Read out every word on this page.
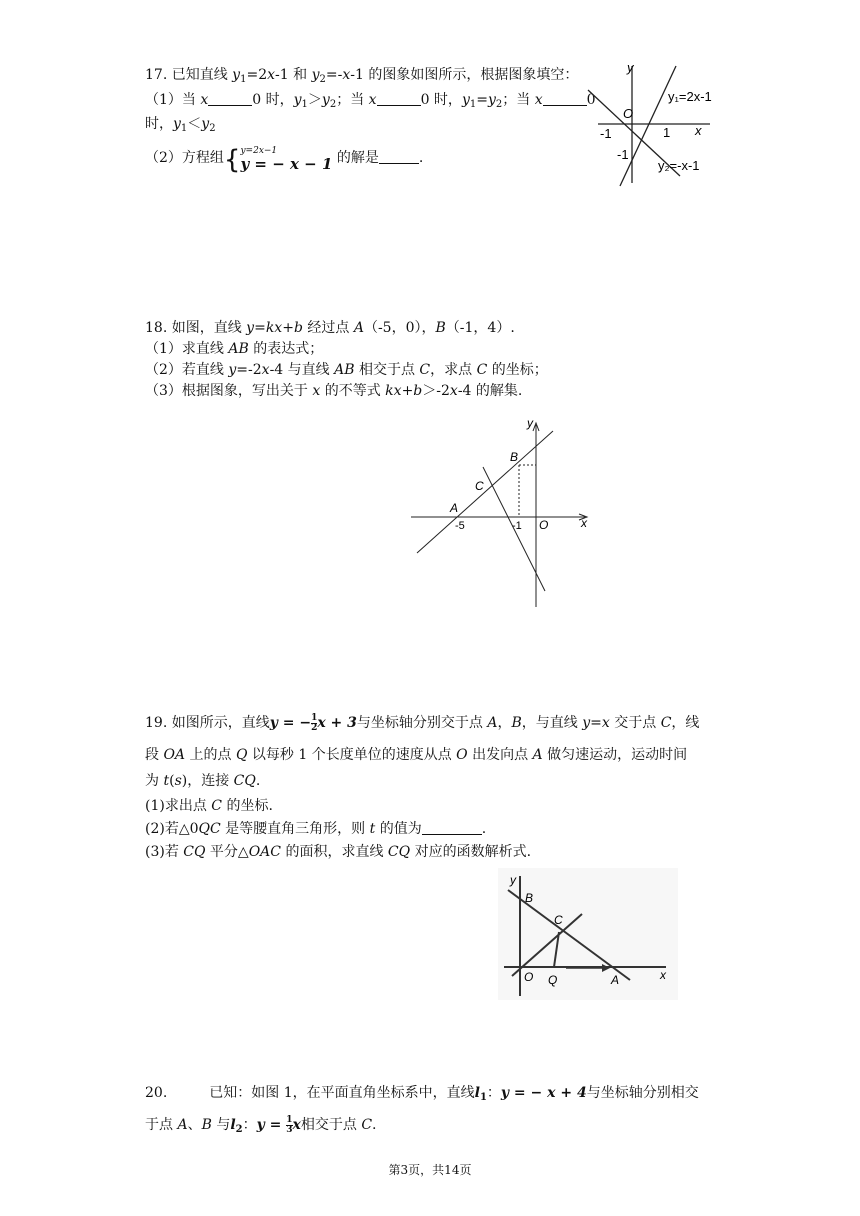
17. 已知直线 $y_1=2x-1$ 和 $y_2=-x-1$ 的图象如图所示，根据图象填空：
（1）当 x	0 时，$y_1>y_2$；当 x	0 时，$y_1=y_2$；当 x	0
时，$y_1<y_2$
（2）方程组{ y=2x−1
y = − x − 1 的解是	.
y
x
O
-1	1
-1
y₁=2x-1
y₂=-x-1
18. 如图，直线 y=kx+b 经过点 A（-5，0），B（-1，4）.
（1）求直线 AB 的表达式；
（2）若直线 y=-2x-4 与直线 AB 相交于点 C，求点 C 的坐标；
（3）根据图象，写出关于 x 的不等式 kx+b＞-2x-4 的解集.
y
x
B
C
A
-5	-1 O
19. 如图所示，直线y = − $\frac{1}{2}$ x + 3与坐标轴分别交于点 A，B，与直线 y=x 交于点 C，线
段 OA 上的点 Q 以每秒 1 个长度单位的速度从点 O 出发向点 A 做匀速运动，运动时间
为 t(s)，连接 CQ.
(1)求出点 C 的坐标.
(2)若△0QC 是等腰直角三角形，则 t 的值为	.
(3)若 CQ 平分△OAC 的面积，求直线 CQ 对应的函数解析式.
y
x
B
C
O Q	A
20.	已知：如图 1，在平面直角坐标系中，直线$l_1$：y = − x + 4与坐标轴分别相交
于点 A、B 与$l_2$：$y = \frac{1}{3}$ x相交于点 C.
第3页，共14页
